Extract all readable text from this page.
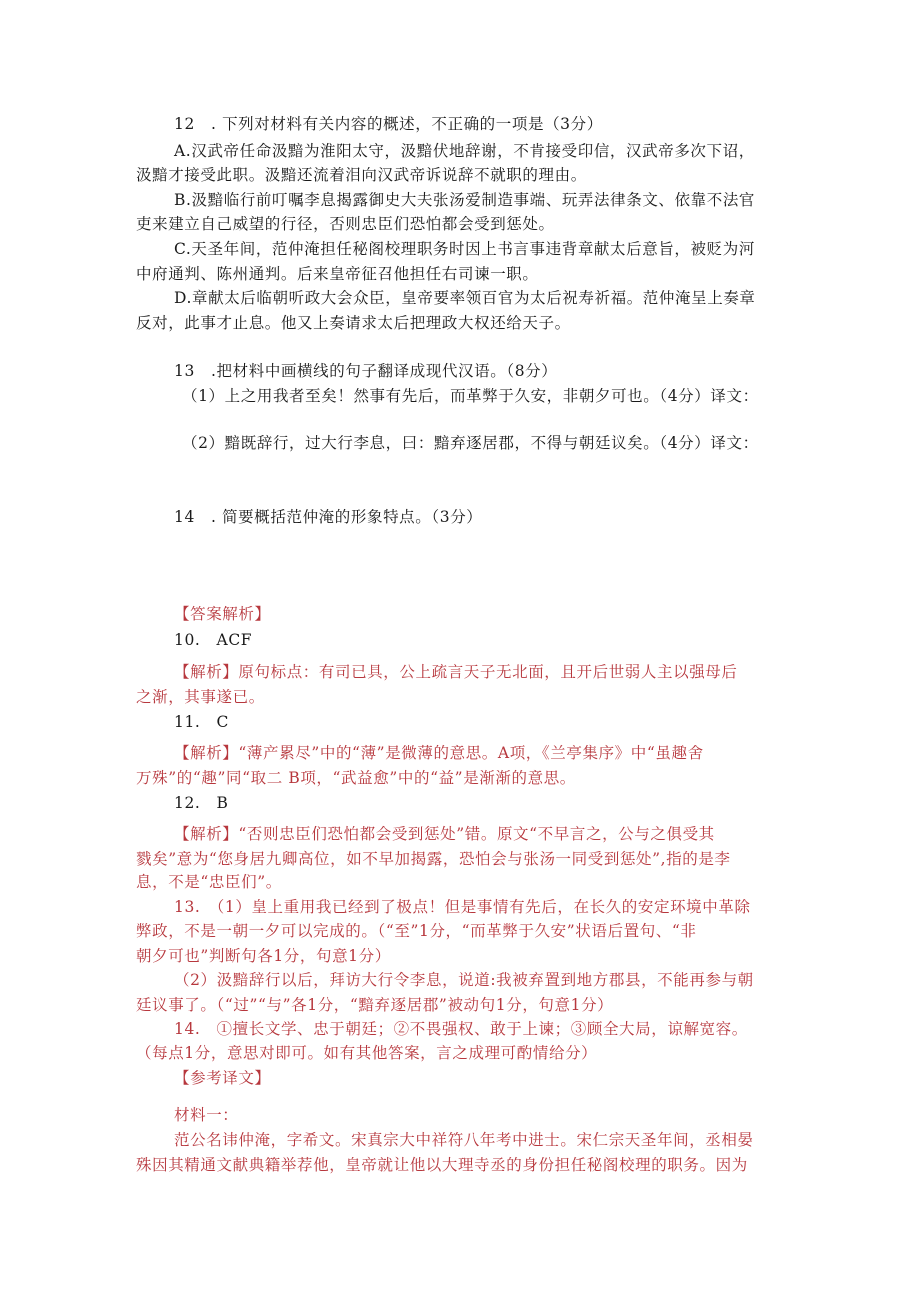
12　. 下列对材料有关内容的概述，不正确的一项是（3分）
A.汉武帝任命汲黯为淮阳太守，汲黯伏地辞谢，不肯接受印信，汉武帝多次下诏，
汲黯才接受此职。汲黯还流着泪向汉武帝诉说辞不就职的理由。
B.汲黯临行前叮嘱李息揭露御史大夫张汤爱制造事端、玩弄法律条文、依靠不法官
吏来建立自己威望的行径，否则忠臣们恐怕都会受到惩处。
C.天圣年间，范仲淹担任秘阁校理职务时因上书言事违背章献太后意旨，被贬为河
中府通判、陈州通判。后来皇帝征召他担任右司谏一职。
D.章献太后临朝听政大会众臣，皇帝要率领百官为太后祝寿祈福。范仲淹呈上奏章
反对，此事才止息。他又上奏请求太后把理政大权还给天子。
13　.把材料中画横线的句子翻译成现代汉语。（8分）
（1）上之用我者至矣！然事有先后，而革弊于久安，非朝夕可也。（4分）译文：
（2）黯既辞行，过大行李息，曰：黯弃逐居郡，不得与朝廷议矣。（4分）译文：
14　. 简要概括范仲淹的形象特点。（3分）
【答案解析】
10.　ACF
【解析】原句标点：有司已具，公上疏言天子无北面，且开后世弱人主以强母后
之渐，其事遂已。
11.　C
【解析】“薄产累尽”中的“薄”是微薄的意思。A项，《兰亭集序》中“虽趣舍
万殊”的“趣”同“取二 B项，“武益愈”中的“益”是渐渐的意思。
12.　B
【解析】“否则忠臣们恐怕都会受到惩处”错。原文“不早言之，公与之俱受其
戮矣”意为“您身居九卿高位，如不早加揭露，恐怕会与张汤一同受到惩处”,指的是李
息，不是“忠臣们”。
13.　（1）皇上重用我已经到了极点！但是事情有先后，在长久的安定环境中革除
弊政，不是一朝一夕可以完成的。（“至”1分，“而革弊于久安”状语后置句、“非
朝夕可也”判断句各1分，句意1分）
（2）汲黯辞行以后，拜访大行令李息，说道:我被弃置到地方郡县，不能再参与朝
廷议事了。（“过”“与”各1分，“黯弃逐居郡”被动句1分，句意1分）
14.　①擅长文学、忠于朝廷；②不畏强权、敢于上谏；③顾全大局，谅解宽容。
（每点1分，意思对即可。如有其他答案，言之成理可酌情给分）
【参考译文】
材料一：
范公名讳仲淹，字希文。宋真宗大中祥符八年考中进士。宋仁宗天圣年间，丞相晏
殊因其精通文献典籍举荐他，皇帝就让他以大理寺丞的身份担任秘阁校理的职务。因为
